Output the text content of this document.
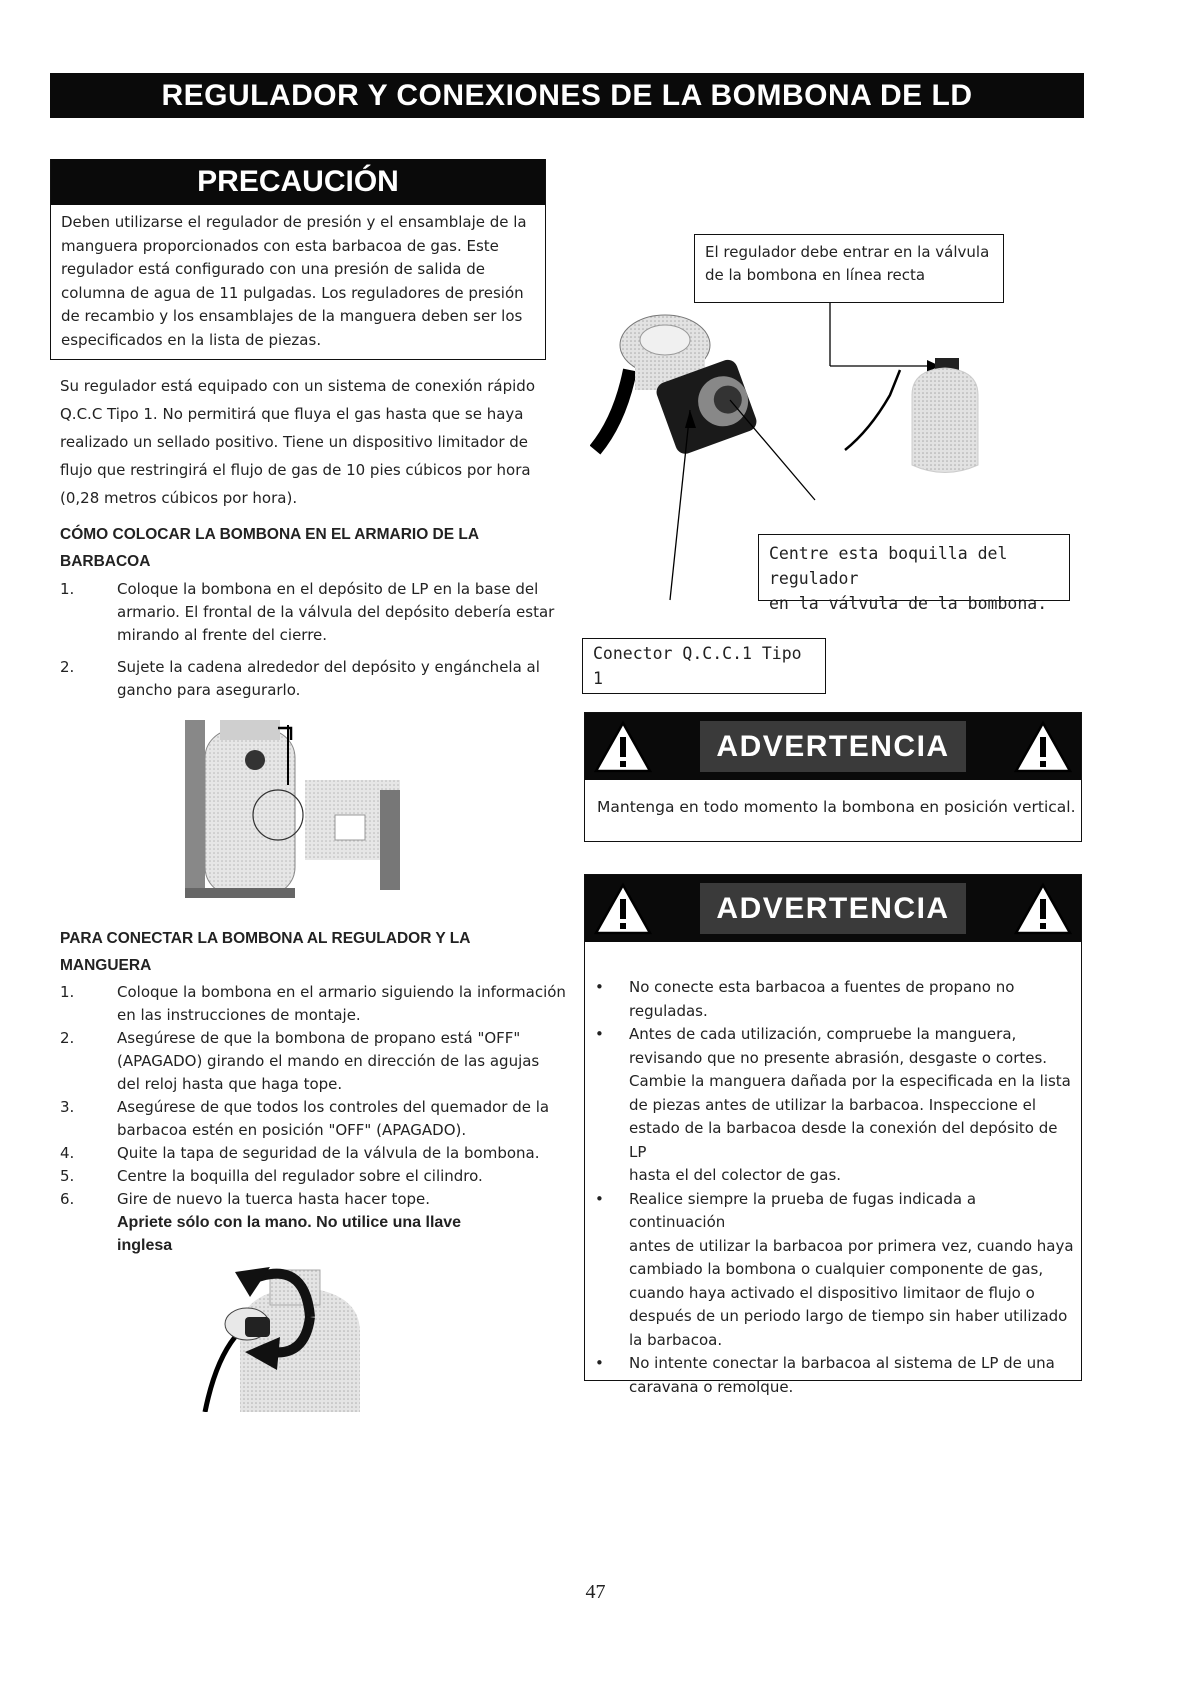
REGULADOR Y CONEXIONES DE LA BOMBONA DE LD
PRECAUCIÓN
Deben utilizarse el regulador de presión y el ensamblaje de la
manguera proporcionados con esta barbacoa de gas. Este
regulador está configurado con una presión de salida de
columna de agua de 11 pulgadas. Los reguladores de presión
de recambio y los ensamblajes de la manguera deben ser los
especificados en la lista de piezas.
Su regulador está equipado con un sistema de conexión rápido
Q.C.C Tipo 1. No permitirá que fluya el gas hasta que se haya
realizado un sellado positivo. Tiene un dispositivo limitador de
flujo que restringirá el flujo de gas de 10 pies cúbicos por hora
(0,28 metros cúbicos por hora).
CÓMO COLOCAR LA BOMBONA EN EL ARMARIO DE LA
BARBACOA
1.	Coloque la bombona en el depósito de LP en la base del
armario. El frontal de la válvula del depósito debería estar
mirando al frente del cierre.
2.	Sujete la cadena alrededor del depósito y engánchela al
gancho para asegurarlo.
PARA CONECTAR LA BOMBONA AL REGULADOR Y LA
MANGUERA
1.	Coloque la bombona en el armario siguiendo la información
en las instrucciones de montaje.
2.	Asegúrese de que la bombona de propano está "OFF"
(APAGADO) girando el mando en dirección de las agujas
del reloj hasta que haga tope.
3.	Asegúrese de que todos los controles del quemador de la
barbacoa estén en posición "OFF" (APAGADO).
4.	Quite la tapa de seguridad de la válvula de la bombona.
5.	Centre la boquilla del regulador sobre el cilindro.
6.	Gire de nuevo la tuerca hasta hacer tope.
Apriete sólo con la mano. No utilice una llave
inglesa
El regulador debe entrar en la válvula
de la bombona en línea recta
Centre esta boquilla del regulador
en la válvula de la bombona.
Conector Q.C.C.1 Tipo 1
ADVERTENCIA
Mantenga en todo momento la bombona en posición vertical.
ADVERTENCIA
•	No conecte esta barbacoa a fuentes de propano no
reguladas.
•	Antes de cada utilización, compruebe la manguera,
revisando que no presente abrasión, desgaste o cortes.
Cambie la manguera dañada por la especificada en la lista
de piezas antes de utilizar la barbacoa. Inspeccione el
estado de la barbacoa desde la conexión del depósito de LP
hasta el del colector de gas.
•	Realice siempre la prueba de fugas indicada a continuación
antes de utilizar la barbacoa por primera vez, cuando haya
cambiado la bombona o cualquier componente de gas,
cuando haya activado el dispositivo limitaor de flujo o
después de un periodo largo de tiempo sin haber utilizado
la barbacoa.
•	No intente conectar la barbacoa al sistema de LP de una
caravana o remolque.
47
